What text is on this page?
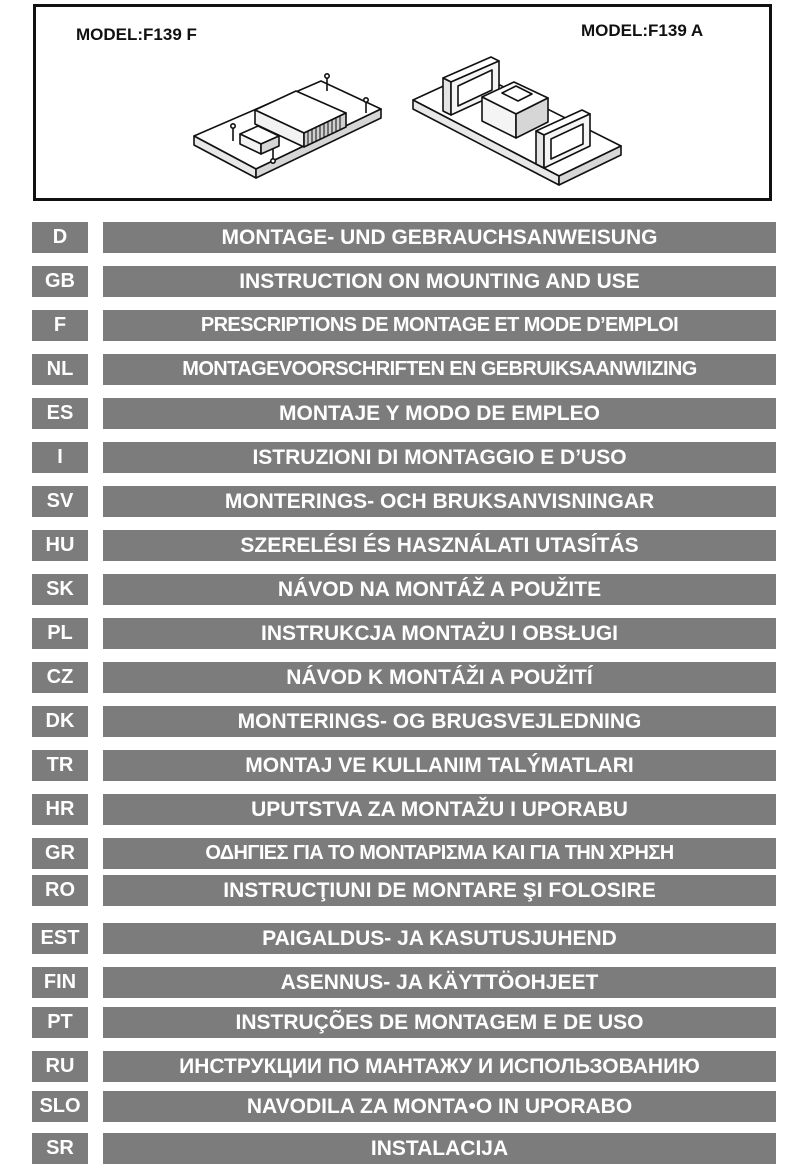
MODEL:F139 F	MODEL:F139 A
D	MONTAGE- UND GEBRAUCHSANWEISUNG
GB	INSTRUCTION ON MOUNTING AND USE
F	PRESCRIPTIONS DE MONTAGE ET MODE D’EMPLOI
NL	MONTAGEVOORSCHRIFTEN EN GEBRUIKSAANWIIZING
ES	MONTAJE Y MODO DE EMPLEO
I	ISTRUZIONI DI MONTAGGIO E D’USO
SV	MONTERINGS- OCH BRUKSANVISNINGAR
HU	SZERELÉSI ÉS HASZNÁLATI UTASÍTÁS
SK	NÁVOD NA MONTÁŽ A POUŽITE
PL	INSTRUKCJA MONTAŻU I OBSŁUGI
CZ	NÁVOD K MONTÁŽI A POUŽITÍ
DK	MONTERINGS- OG BRUGSVEJLEDNING
TR	MONTAJ VE KULLANIM TALÝMATLARI
HR	UPUTSTVA ZA MONTAŽU I UPORABU
GR	ΟΔΗΓΙΕΣ ΓΙΑ ΤΟ ΜΟΝΤΑΡΙΣΜΑ ΚΑΙ ΓΙΑ ΤΗΝ ΧΡΗΣΗ
RO	INSTRUCŢIUNI DE MONTARE ŞI FOLOSIRE
EST	PAIGALDUS- JA KASUTUSJUHEND
FIN	ASENNUS- JA KÄYTTÖOHJEET
PT	INSTRUÇÕES DE MONTAGEM E DE USO
RU	ИНСТРУКЦИИ ПО МАНТАЖУ И ИСПОЛЬЗОВАНИЮ
SLO	NAVODILA ZA MONTA•O IN UPORABO
SR	INSTALACIJA
